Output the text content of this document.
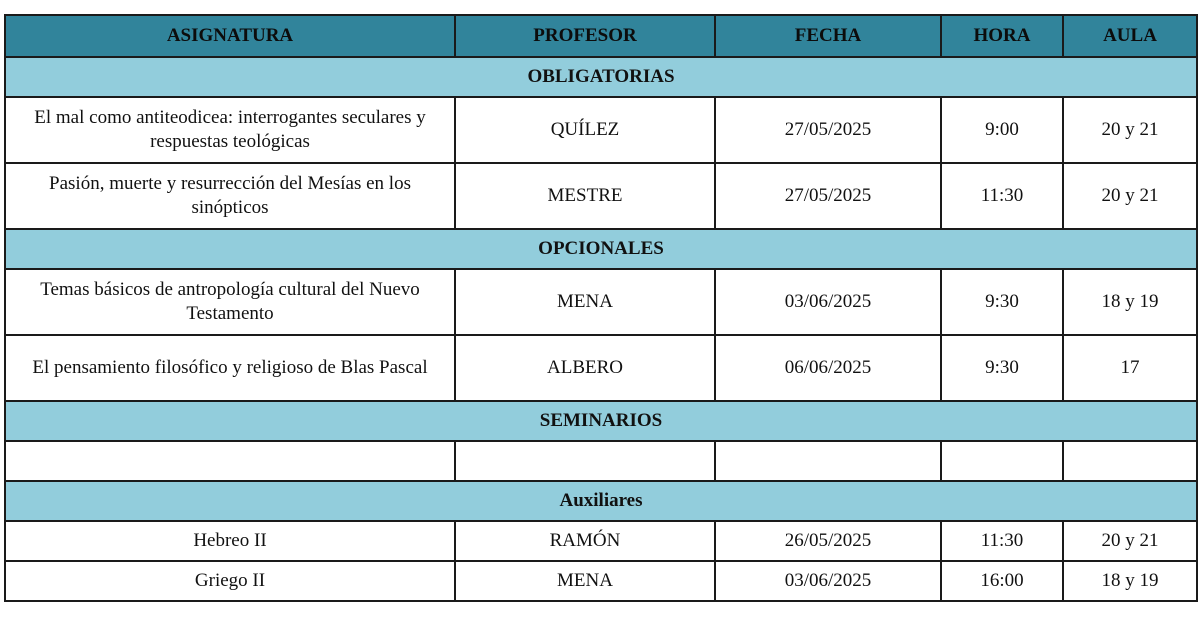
ASIGNATURA	PROFESOR	FECHA	HORA	AULA
OBLIGATORIAS				
El mal como antiteodicea: interrogantes seculares y respuestas teológicas	QUÍLEZ	27/05/2025	9:00	20 y 21
Pasión, muerte y resurrección del Mesías en los sinópticos	MESTRE	27/05/2025	11:30	20 y 21
OPCIONALES				
Temas básicos de antropología cultural del Nuevo Testamento	MENA	03/06/2025	9:30	18 y 19
El pensamiento filosófico y religioso de Blas Pascal	ALBERO	06/06/2025	9:30	17
SEMINARIOS				

Auxiliares				
Hebreo II	RAMÓN	26/05/2025	11:30	20 y 21
Griego II	MENA	03/06/2025	16:00	18 y 19
